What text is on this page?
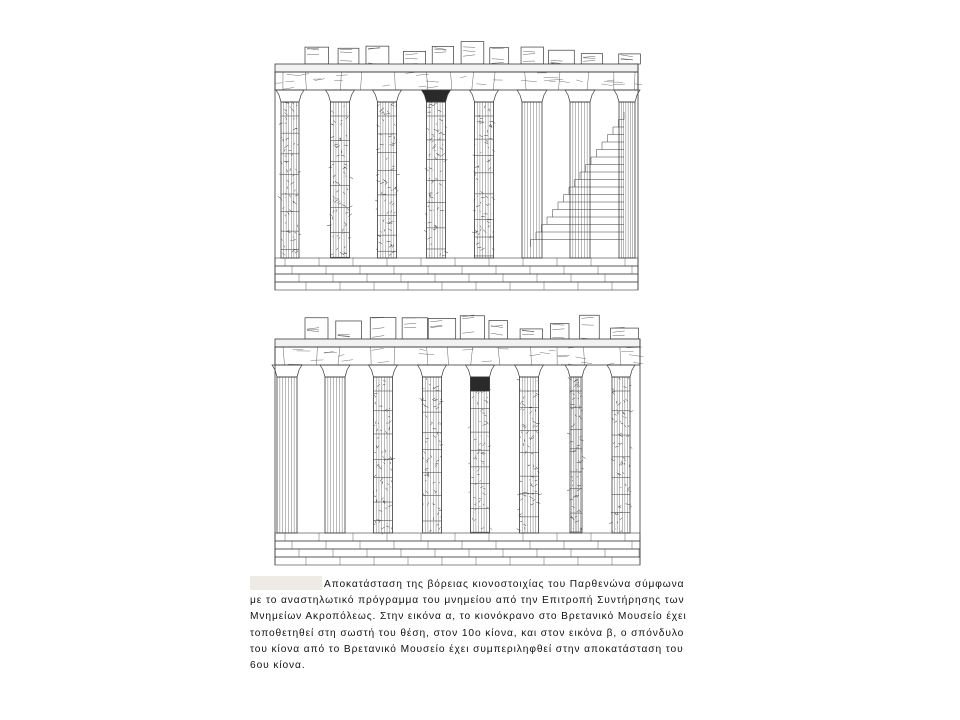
Αποκατάσταση της βόρειας κιονοστοιχίας του Παρθενώνα σύμφωνα
με το αναστηλωτικό πρόγραμμα του μνημείου από την Επιτροπή Συντήρησης των
Μνημείων Ακροπόλεως. Στην εικόνα α, το κιονόκρανο στο Βρετανικό Μουσείο έχει
τοποθετηθεί στη σωστή του θέση, στον 10ο κίονα, και στον εικόνα β, ο σπόνδυλο
του κίονα από το Βρετανικό Μουσείο έχει συμπεριληφθεί στην αποκατάσταση του
6ου κίονα.
